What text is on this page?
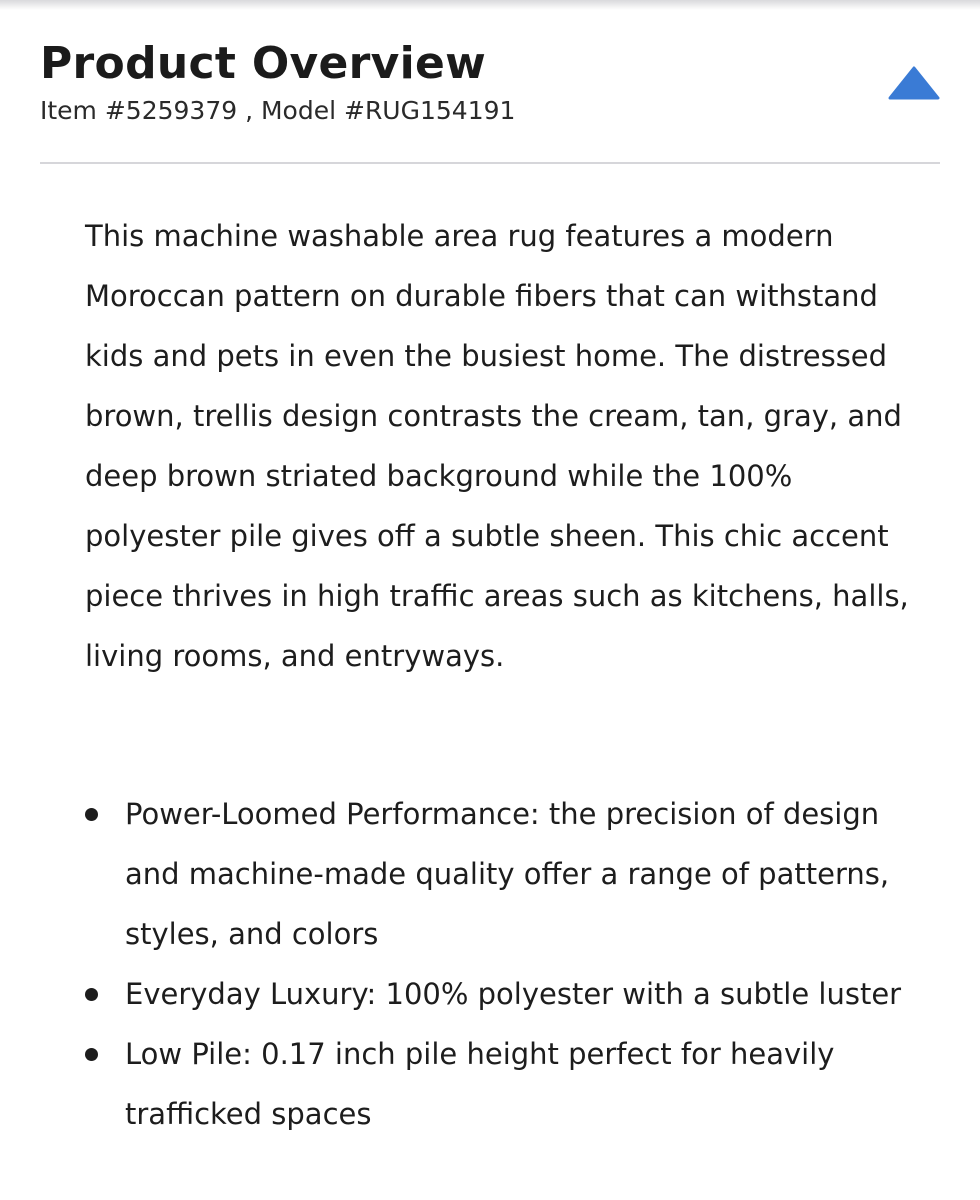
Product Overview
Item #5259379 , Model #RUG154191

This machine washable area rug features a modern Moroccan pattern on durable fibers that can withstand kids and pets in even the busiest home. The distressed brown, trellis design contrasts the cream, tan, gray, and deep brown striated background while the 100% polyester pile gives off a subtle sheen. This chic accent piece thrives in high traffic areas such as kitchens, halls, living rooms, and entryways.

Power-Loomed Performance: the precision of design and machine-made quality offer a range of patterns, styles, and colors
Everyday Luxury: 100% polyester with a subtle luster
Low Pile: 0.17 inch pile height perfect for heavily trafficked spaces
